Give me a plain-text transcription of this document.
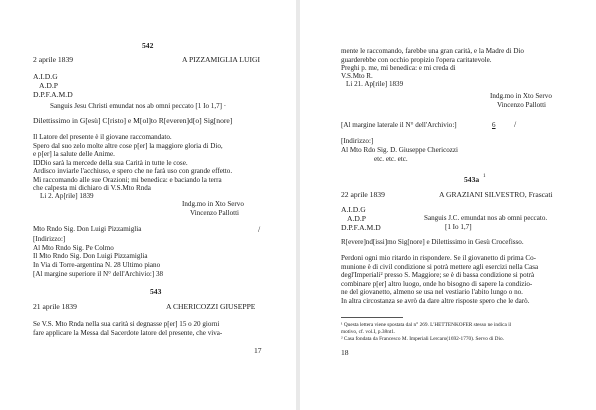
542
2 aprile 1839	A PIZZAMIGLIA LUIGI
A.I.D.G
A.D.P
D.P.F.A.M.D
Sanguis Jesu Christi emundat nos ab omni peccato [1 Io 1,7] ·
Dilettissimo in G[esù] C[risto] e M[ol]to R[everen]d[o] Sig[nore]
Il Latore del presente è il giovane raccomandato.
Spero dal suo zelo molte altre cose p[er] la maggiore gloria di Dio,
e p[er] la salute delle Anime.
IDDio sarà la mercede della sua Carità in tutte le cose.
Ardisco inviarle l'acchiuso, e spero che ne farà uso con grande effetto.
Mi raccomando alle sue Orazioni; mi benedica: e baciando la terra
che calpesta mi dichiaro di V.S.Mto Rnda
Li 2. Ap[rile] 1839
Indg.mo in Xto Servo
Vincenzo Pallotti
Mto Rndo Sig. Don Luigi Pizzamiglia	/
[Indirizzo:]
Al Mto Rndo Sig. Pe Colmo
Il Mto Rndo Sig. Don Luigi Pizzamiglia
In Via di Torre-argentina N. 28 Ultimo piano
[Al margine superiore il N° dell'Archivio:] 38
543
21 aprile 1839	A CHERICOZZI GIUSEPPE
Se V.S. Mto Rnda nella sua carità si degnasse p[er] 15 o 20 giorni
fare applicare la Messa dal Sacerdote latore del presente, che viva-
17
mente le raccomando, farebbe una gran carità, e la Madre di Dio
guarderebbe con occhio propizio l'opera caritatevole.
Preghi p. me, mi benedica: e mi creda di
V.S.Mto R.
Li 21. Ap[rile] 1839
Indg.mo in Xto Servo
Vincenzo Pallotti
[Al margine laterale il N° dell'Archivio:]	6 /
[Indirizzo:]
Al Mto Rdo Sig. D. Giuseppe Chericozzi
etc. etc. etc.
543a 1
22 aprile 1839	A GRAZIANI SILVESTRO, Frascati
A.I.D.G
A.D.P	Sanguis J.C. emundat nos ab omni peccato.
D.P.F.A.M.D	[1 Io 1,7]
R[evere]nd[issi]mo Sig[nore] e Dilettissimo in Gesù Crocefisso.
Perdoni ogni mio ritardo in rispondere. Se il giovanetto di prima Co-
munione è di civil condizione si potrà mettere agli esercizi nella Casa
degl'Imperiali² presso S. Maggiore; se è di bassa condizione si potrà
combinare p[er] altro luogo, onde ho bisogno di sapere la condizio-
ne del giovanetto, almeno se usa nel vestiario l'abito lungo o no.
In altra circostanza se avrò da dare altre risposte spero che le darò.
¹ Questa lettera viene spostata dal n° 269. L'HETTENKOFER stesso ne indica il
motivo, cf. vol.I, p.38nt1.
² Casa fondata da Francesco M. Imperiali Lercaro(1692-1770). Servo di Dio.
18
